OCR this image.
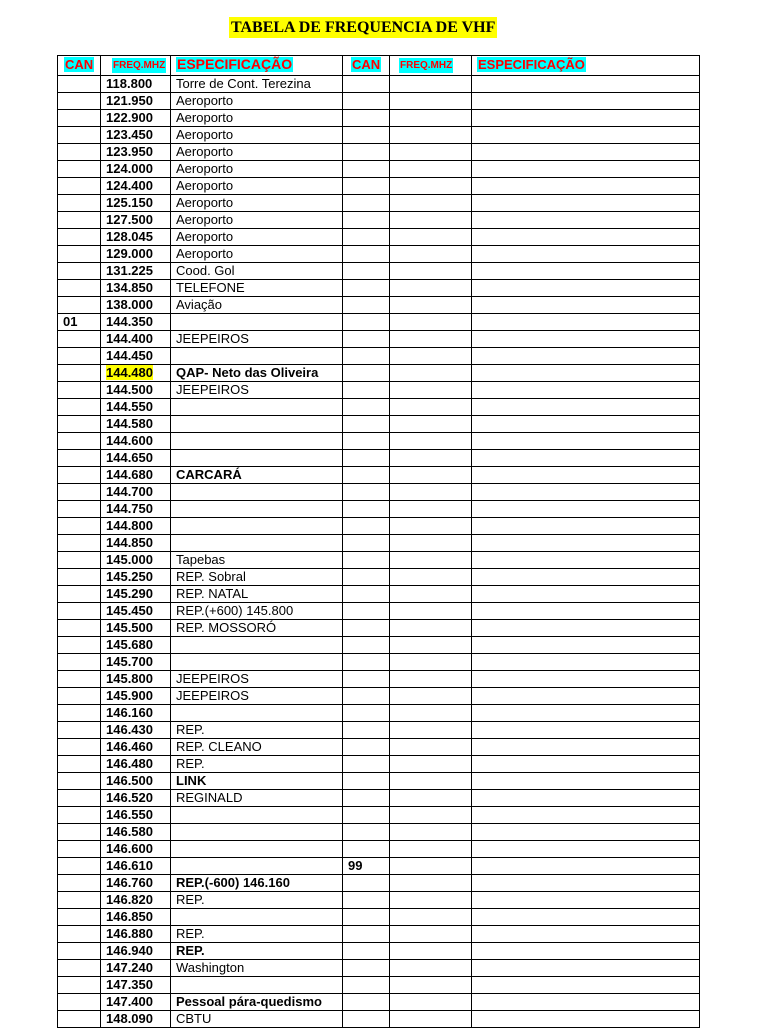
TABELA DE FREQUENCIA DE VHF
CAN	FREQ.MHZ	ESPECIFICAÇÃO	CAN	FREQ.MHZ	ESPECIFICAÇÃO
	118.800	Torre de Cont. Terezina			
	121.950	Aeroporto			
	122.900	Aeroporto			
	123.450	Aeroporto			
	123.950	Aeroporto			
	124.000	Aeroporto			
	124.400	Aeroporto			
	125.150	Aeroporto			
	127.500	Aeroporto			
	128.045	Aeroporto			
	129.000	Aeroporto			
	131.225	Cood. Gol			
	134.850	TELEFONE			
	138.000	Aviação			
01	144.350				
	144.400	JEEPEIROS			
	144.450				
	144.480	QAP- Neto das Oliveira			
	144.500	JEEPEIROS			
	144.550				
	144.580				
	144.600				
	144.650				
	144.680	CARCARÁ			
	144.700				
	144.750				
	144.800				
	144.850				
	145.000	Tapebas			
	145.250	REP. Sobral			
	145.290	REP. NATAL			
	145.450	REP.(+600) 145.800			
	145.500	REP. MOSSORÓ			
	145.680				
	145.700				
	145.800	JEEPEIROS			
	145.900	JEEPEIROS			
	146.160				
	146.430	REP.			
	146.460	REP. CLEANO			
	146.480	REP.			
	146.500	LINK			
	146.520	REGINALD			
	146.550				
	146.580				
	146.600				
	146.610		99		
	146.760	REP.(-600) 146.160			
	146.820	REP.			
	146.850				
	146.880	REP.			
	146.940	REP.			
	147.240	Washington			
	147.350				
	147.400	Pessoal pára-quedismo			
	148.090	CBTU			
